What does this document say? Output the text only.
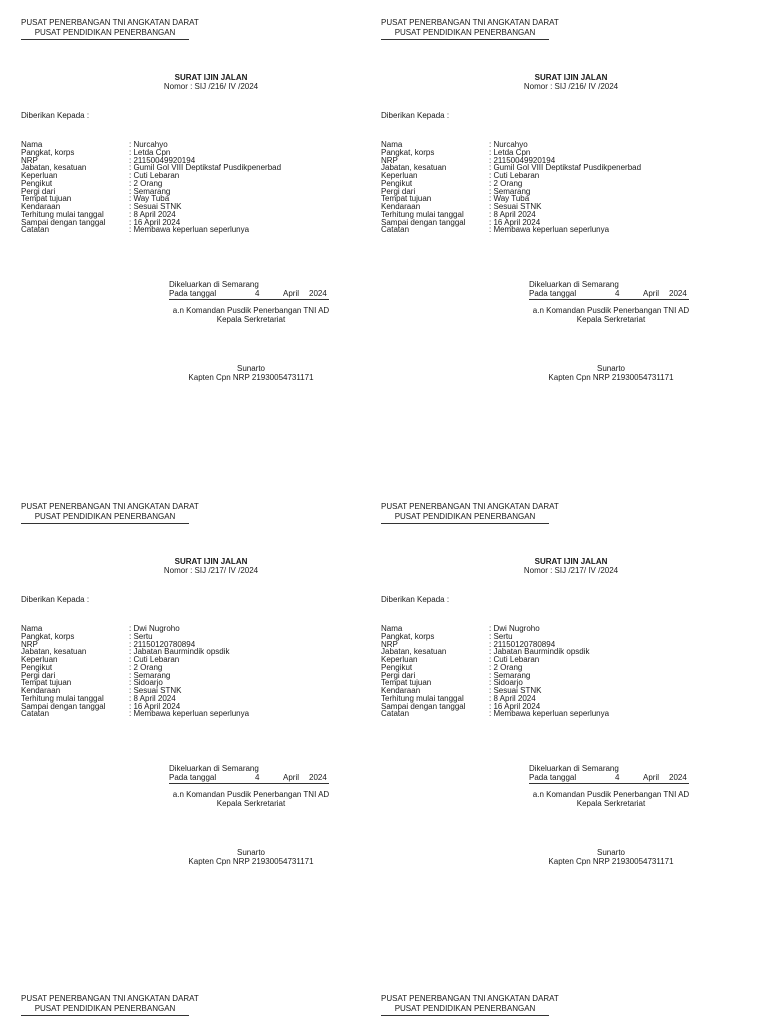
PUSAT PENERBANGAN TNI ANGKATAN DARAT
PUSAT PENDIDIKAN PENERBANGAN
SURAT IJIN JALAN
Nomor : SIJ /216/ IV /2024
Diberikan Kepada :
Nama	: Nurcahyo
Pangkat, korps	: Letda Cpn
NRP	: 21150049920194
Jabatan, kesatuan	: Gumil Gol VIII Deptikstaf Pusdikpenerbad
Keperluan	: Cuti Lebaran
Pengikut	: 2 Orang
Pergi dari	: Semarang
Tempat tujuan	: Way Tuba
Kendaraan	: Sesuai STNK
Terhitung mulai tanggal	: 8 April 2024
Sampai dengan tanggal	: 16 April 2024
Catatan	: Membawa keperluan seperlunya
Dikeluarkan di Semarang
Pada tanggal	4	April 2024
a.n Komandan Pusdik Penerbangan TNI AD
Kepala Serkretariat
Sunarto
Kapten Cpn NRP 21930054731171
PUSAT PENERBANGAN TNI ANGKATAN DARAT
PUSAT PENDIDIKAN PENERBANGAN
SURAT IJIN JALAN
Nomor : SIJ /216/ IV /2024
Diberikan Kepada :
Nama	: Nurcahyo
Pangkat, korps	: Letda Cpn
NRP	: 21150049920194
Jabatan, kesatuan	: Gumil Gol VIII Deptikstaf Pusdikpenerbad
Keperluan	: Cuti Lebaran
Pengikut	: 2 Orang
Pergi dari	: Semarang
Tempat tujuan	: Way Tuba
Kendaraan	: Sesuai STNK
Terhitung mulai tanggal	: 8 April 2024
Sampai dengan tanggal	: 16 April 2024
Catatan	: Membawa keperluan seperlunya
Dikeluarkan di Semarang
Pada tanggal	4	April 2024
a.n Komandan Pusdik Penerbangan TNI AD
Kepala Serkretariat
Sunarto
Kapten Cpn NRP 21930054731171
PUSAT PENERBANGAN TNI ANGKATAN DARAT
PUSAT PENDIDIKAN PENERBANGAN
SURAT IJIN JALAN
Nomor : SIJ /217/ IV /2024
Diberikan Kepada :
Nama	: Dwi Nugroho
Pangkat, korps	: Sertu
NRP	: 21150120780894
Jabatan, kesatuan	: Jabatan Baurmindik opsdik
Keperluan	: Cuti Lebaran
Pengikut	: 2 Orang
Pergi dari	: Semarang
Tempat tujuan	: Sidoarjo
Kendaraan	: Sesuai STNK
Terhitung mulai tanggal	: 8 April 2024
Sampai dengan tanggal	: 16 April 2024
Catatan	: Membawa keperluan seperlunya
Dikeluarkan di Semarang
Pada tanggal	4	April 2024
a.n Komandan Pusdik Penerbangan TNI AD
Kepala Serkretariat
Sunarto
Kapten Cpn NRP 21930054731171
PUSAT PENERBANGAN TNI ANGKATAN DARAT
PUSAT PENDIDIKAN PENERBANGAN
SURAT IJIN JALAN
Nomor : SIJ /217/ IV /2024
Diberikan Kepada :
Nama	: Dwi Nugroho
Pangkat, korps	: Sertu
NRP	: 21150120780894
Jabatan, kesatuan	: Jabatan Baurmindik opsdik
Keperluan	: Cuti Lebaran
Pengikut	: 2 Orang
Pergi dari	: Semarang
Tempat tujuan	: Sidoarjo
Kendaraan	: Sesuai STNK
Terhitung mulai tanggal	: 8 April 2024
Sampai dengan tanggal	: 16 April 2024
Catatan	: Membawa keperluan seperlunya
Dikeluarkan di Semarang
Pada tanggal	4	April 2024
a.n Komandan Pusdik Penerbangan TNI AD
Kepala Serkretariat
Sunarto
Kapten Cpn NRP 21930054731171
PUSAT PENERBANGAN TNI ANGKATAN DARAT
PUSAT PENDIDIKAN PENERBANGAN
PUSAT PENERBANGAN TNI ANGKATAN DARAT
PUSAT PENDIDIKAN PENERBANGAN
